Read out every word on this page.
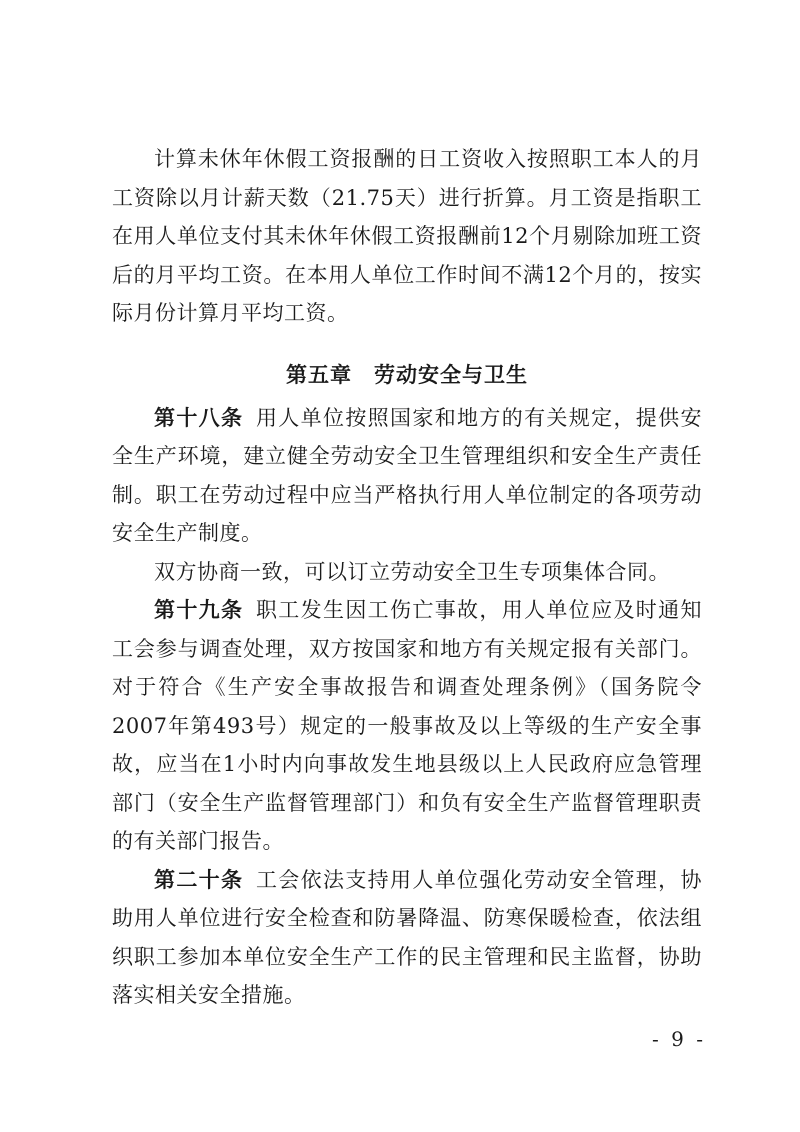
计算未休年休假工资报酬的日工资收入按照职工本人的月工资除以月计薪天数（21.75天）进行折算。月工资是指职工在用人单位支付其未休年休假工资报酬前12个月剔除加班工资后的月平均工资。在本用人单位工作时间不满12个月的，按实际月份计算月平均工资。

第五章　劳动安全与卫生

第十八条 用人单位按照国家和地方的有关规定，提供安全生产环境，建立健全劳动安全卫生管理组织和安全生产责任制。职工在劳动过程中应当严格执行用人单位制定的各项劳动安全生产制度。

双方协商一致，可以订立劳动安全卫生专项集体合同。

第十九条 职工发生因工伤亡事故，用人单位应及时通知工会参与调查处理，双方按国家和地方有关规定报有关部门。对于符合《生产安全事故报告和调查处理条例》（国务院令2007年第493号）规定的一般事故及以上等级的生产安全事故，应当在1小时内向事故发生地县级以上人民政府应急管理部门（安全生产监督管理部门）和负有安全生产监督管理职责的有关部门报告。

第二十条 工会依法支持用人单位强化劳动安全管理，协助用人单位进行安全检查和防暑降温、防寒保暖检查，依法组织职工参加本单位安全生产工作的民主管理和民主监督，协助落实相关安全措施。

- 9 -
